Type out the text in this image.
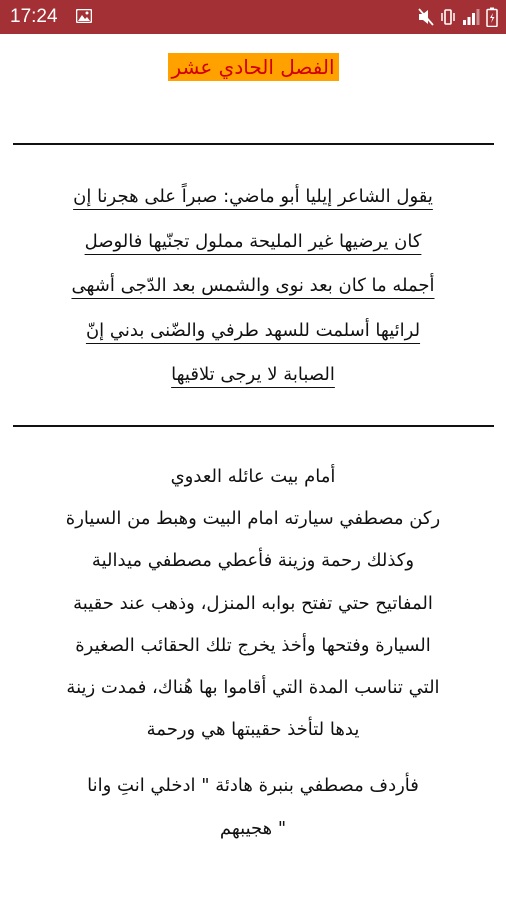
17:24
الفصل الحادي عشر
يقول الشاعر إيليا أبو ماضي: صبراً على هجرنا إن
كان يرضيها غير المليحة مملول تجنّيها فالوصل
أجمله ما كان بعد نوى والشمس بعد الدّجى أشهى
لرائيها أسلمت للسهد طرفي والضّنى بدني إنّ
الصبابة لا يرجى تلاقيها
أمام بيت عائله العدوي
ركن مصطفي سيارته امام البيت وهبط من السيارة
وكذلك رحمة وزينة فأعطي مصطفي ميدالية
المفاتيح حتي تفتح بوابه المنزل، وذهب عند حقيبة
السيارة وفتحها وأخذ يخرج تلك الحقائب الصغيرة
التي تناسب المدة التي أقاموا بها هُناك، فمدت زينة
يدها لتأخذ حقيبتها هي ورحمة
فأردف مصطفي بنبرة هادئة " ادخلي انتِ وانا
" هجيبهم
